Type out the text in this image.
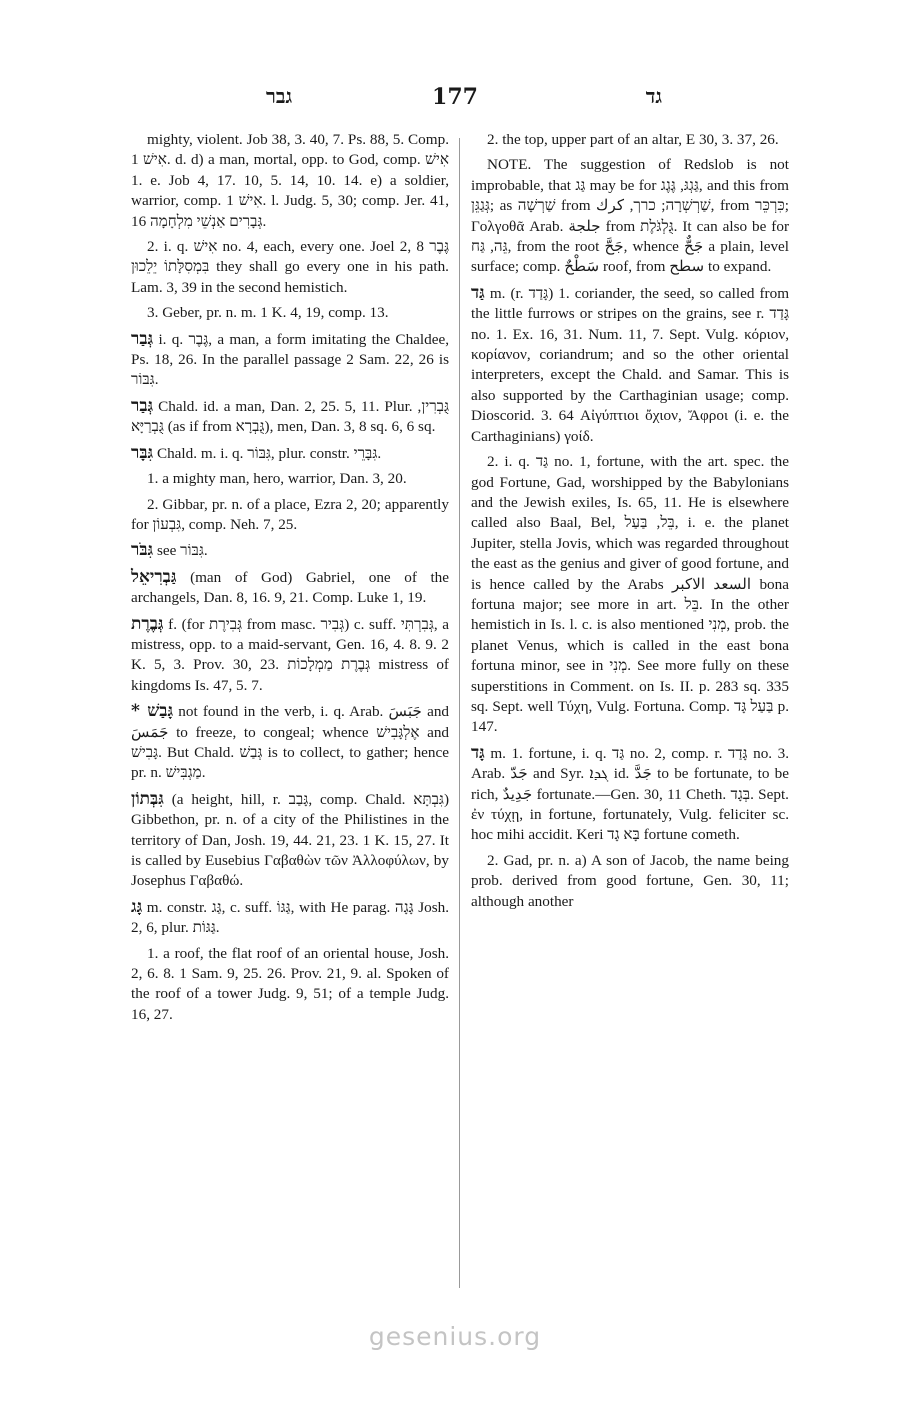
גבר	177	גד

mighty, violent. Job 38, 3. 40, 7. Ps. 88, 5. Comp. אִישׁ 1. d. d) a man, mortal, opp. to God, comp. אִישׁ 1. e. Job 4, 17. 10, 5. 14, 10. 14. e) a soldier, warrior, comp. אִישׁ 1. l. Judg. 5, 30; comp. Jer. 41, 16 גְּבָרִים אַנְשֵׁי מִלְחָמָה.

2. i. q. אִישׁ no. 4, each, every one. Joel 2, 8 גֶּבֶר בִּמְסִלָּתוֹ יֵלֵכוּן they shall go every one in his path. Lam. 3, 39 in the second hemistich.

3. Geber, pr. n. m. 1 K. 4, 19, comp. 13.

גְּבַר i. q. גֶּבֶר, a man, a form imitating the Chaldee, Ps. 18, 26. In the parallel passage 2 Sam. 22, 26 is גִּבּוֹר.

גְּבַר Chald. id. a man, Dan. 2, 25. 5, 11. Plur. גֻּבְרִין, גֻּבְרַיָּא (as if from גֻּבְרָא), men, Dan. 3, 8 sq. 6, 6 sq.

גִּבָּר Chald. m. i. q. גִּבּוֹר, plur. constr. גִּבָּרֵי.

1. a mighty man, hero, warrior, Dan. 3, 20.

2. Gibbar, pr. n. of a place, Ezra 2, 20; apparently for גִּבְעוֹן, comp. Neh. 7, 25.

גִּבֹּר see גִּבּוֹר.

גַּבְרִיאֵל (man of God) Gabriel, one of the archangels, Dan. 8, 16. 9, 21. Comp. Luke 1, 19.

גְּבֶרֶת f. (for גְּבִירֶת from masc. גְּבִיר) c. suff. גְּבִרְתִּי, a mistress, opp. to a maid-servant, Gen. 16, 4. 8. 9. 2 K. 5, 3. Prov. 30, 23. גְּבֶרֶת מַמְלָכוֹת mistress of kingdoms Is. 47, 5. 7.

* גָּבַשׁ not found in the verb, i. q. Arab. جَبَسَ and جَمَسَ to freeze, to congeal; whence אֶלְגָּבִישׁ and גָּבִישׁ. But Chald. גְּבַשׁ is to collect, to gather; hence pr. n. מַגְבִּישׁ.

גִּבְּתוֹן (a height, hill, r. גָּבַב, comp. Chald. גִּבְתָּא) Gibbethon, pr. n. of a city of the Philistines in the territory of Dan, Josh. 19, 44. 21, 23. 1 K. 15, 27. It is called by Eusebius Γαβαθὼν τῶν Ἀλλοφύλων, by Josephus Γαβαθώ.

גָּג m. constr. גַּג, c. suff. גַּגּוֹ, with He parag. גָּגָה Josh. 2, 6, plur. גַּגּוֹת.

1. a roof, the flat roof of an oriental house, Josh. 2, 6. 8. 1 Sam. 9, 25. 26. Prov. 21, 9. al. Spoken of the roof of a tower Judg. 9, 51; of a temple Judg. 16, 27.

2. the top, upper part of an altar, E 30, 3. 37, 26.

NOTE. The suggestion of Redslob is not improbable, that גַּג may be for גַּגְגּ, גֶּגֶג, and this from גְּגַגֵּן; as שַׁרְשָׁה from שַׁרְשְׁרָה; כרך, كرك, from כִּרְכֵּר; Γολγοθᾶ Arab. جلجة from גֻּלְגֹּלֶת. It can also be for גֵּה, גַּח, from the root جَحَّ, whence جَحٌّ a plain, level surface; comp. سَطْحٌ roof, from سطح to expand.

גַּד m. (r. גָּדַד) 1. coriander, the seed, so called from the little furrows or stripes on the grains, see r. גָּדַד no. 1. Ex. 16, 31. Num. 11, 7. Sept. Vulg. κόριον, κορίανον, coriandrum; and so the other oriental interpreters, except the Chald. and Samar. This is also supported by the Carthaginian usage; comp. Dioscorid. 3. 64 Αἰγύπτιοι ὄχιον, Ἄφροι (i. e. the Carthaginians) γοίδ.

2. i. q. גַּד no. 1, fortune, with the art. spec. the god Fortune, Gad, worshipped by the Babylonians and the Jewish exiles, Is. 65, 11. He is elsewhere called also Baal, Bel, בֵּל, בַּעַל, i. e. the planet Jupiter, stella Jovis, which was regarded throughout the east as the genius and giver of good fortune, and is hence called by the Arabs السعد الاكبر bona fortuna major; see more in art. בֵּל. In the other hemistich in Is. l. c. is also mentioned מְנִי, prob. the planet Venus, which is called in the east bona fortuna minor, see in מְנִי. See more fully on these superstitions in Comment. on Is. II. p. 283 sq. 335 sq. Sept. well Τύχη, Vulg. Fortuna. Comp. בַּעַל גָּד p. 147.

גָּד m. 1. fortune, i. q. גַּד no. 2, comp. r. גָּדַד no. 3. Arab. جَدّ and Syr. ܓܕܐ id. جَدَّ to be fortunate, to be rich, جَدِيدٌ fortunate.—Gen. 30, 11 Cheth. בְּגָד. Sept. ἐν τύχῃ, in fortune, fortunately, Vulg. feliciter sc. hoc mihi accidit. Keri בָּא גָד fortune cometh.

2. Gad, pr. n. a) A son of Jacob, the name being prob. derived from good fortune, Gen. 30, 11; although another

gesenius.org
